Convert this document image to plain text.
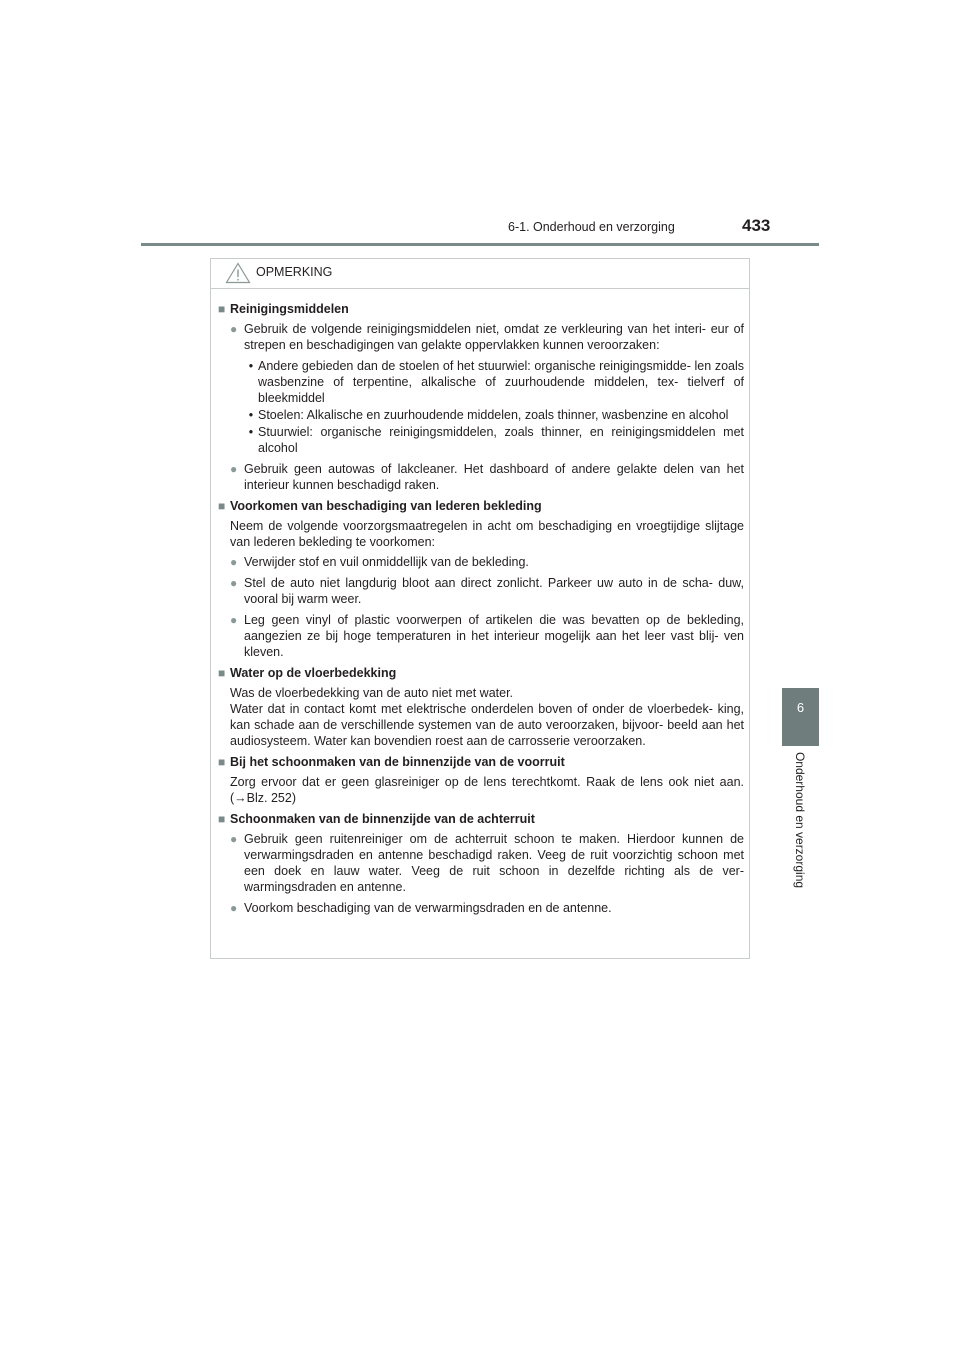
6-1. Onderhoud en verzorging	433
6
Onderhoud en verzorging
OPMERKING
■ Reinigingsmiddelen
● Gebruik de volgende reinigingsmiddelen niet, omdat ze verkleuring van het interi- eur of strepen en beschadigingen van gelakte oppervlakken kunnen veroorzaken:
• Andere gebieden dan de stoelen of het stuurwiel: organische reinigingsmidde- len zoals wasbenzine of terpentine, alkalische of zuurhoudende middelen, tex- tielverf of bleekmiddel
• Stoelen: Alkalische en zuurhoudende middelen, zoals thinner, wasbenzine en alcohol
• Stuurwiel: organische reinigingsmiddelen, zoals thinner, en reinigingsmiddelen met alcohol
● Gebruik geen autowas of lakcleaner. Het dashboard of andere gelakte delen van het interieur kunnen beschadigd raken.
■ Voorkomen van beschadiging van lederen bekleding
Neem de volgende voorzorgsmaatregelen in acht om beschadiging en vroegtijdige slijtage van lederen bekleding te voorkomen:
● Verwijder stof en vuil onmiddellijk van de bekleding.
● Stel de auto niet langdurig bloot aan direct zonlicht. Parkeer uw auto in de scha- duw, vooral bij warm weer.
● Leg geen vinyl of plastic voorwerpen of artikelen die was bevatten op de bekleding, aangezien ze bij hoge temperaturen in het interieur mogelijk aan het leer vast blij- ven kleven.
■ Water op de vloerbedekking
Was de vloerbedekking van de auto niet met water.
Water dat in contact komt met elektrische onderdelen boven of onder de vloerbedek- king, kan schade aan de verschillende systemen van de auto veroorzaken, bijvoor- beeld aan het audiosysteem. Water kan bovendien roest aan de carrosserie veroorzaken.
■ Bij het schoonmaken van de binnenzijde van de voorruit
Zorg ervoor dat er geen glasreiniger op de lens terechtkomt. Raak de lens ook niet aan. (→Blz. 252)
■ Schoonmaken van de binnenzijde van de achterruit
● Gebruik geen ruitenreiniger om de achterruit schoon te maken. Hierdoor kunnen de verwarmingsdraden en antenne beschadigd raken. Veeg de ruit voorzichtig schoon met een doek en lauw water. Veeg de ruit schoon in dezelfde richting als de ver- warmingsdraden en antenne.
● Voorkom beschadiging van de verwarmingsdraden en de antenne.
